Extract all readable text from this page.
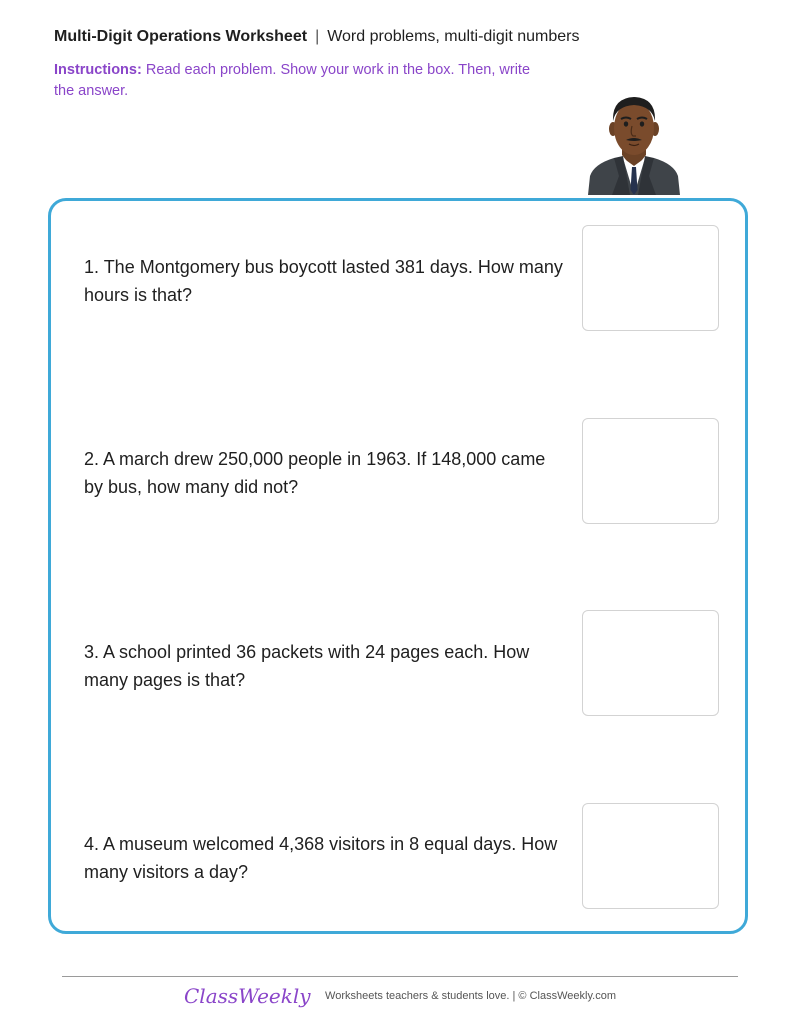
Multi-Digit Operations Worksheet | Word problems, multi-digit numbers
Instructions: Read each problem. Show your work in the box. Then, write the answer.
1. The Montgomery bus boycott lasted 381 days. How many hours is that?
2. A march drew 250,000 people in 1963. If 148,000 came by bus, how many did not?
3. A school printed 36 packets with 24 pages each. How many pages is that?
4. A museum welcomed 4,368 visitors in 8 equal days. How many visitors a day?
ClassWeekly Worksheets teachers & students love. | © ClassWeekly.com
